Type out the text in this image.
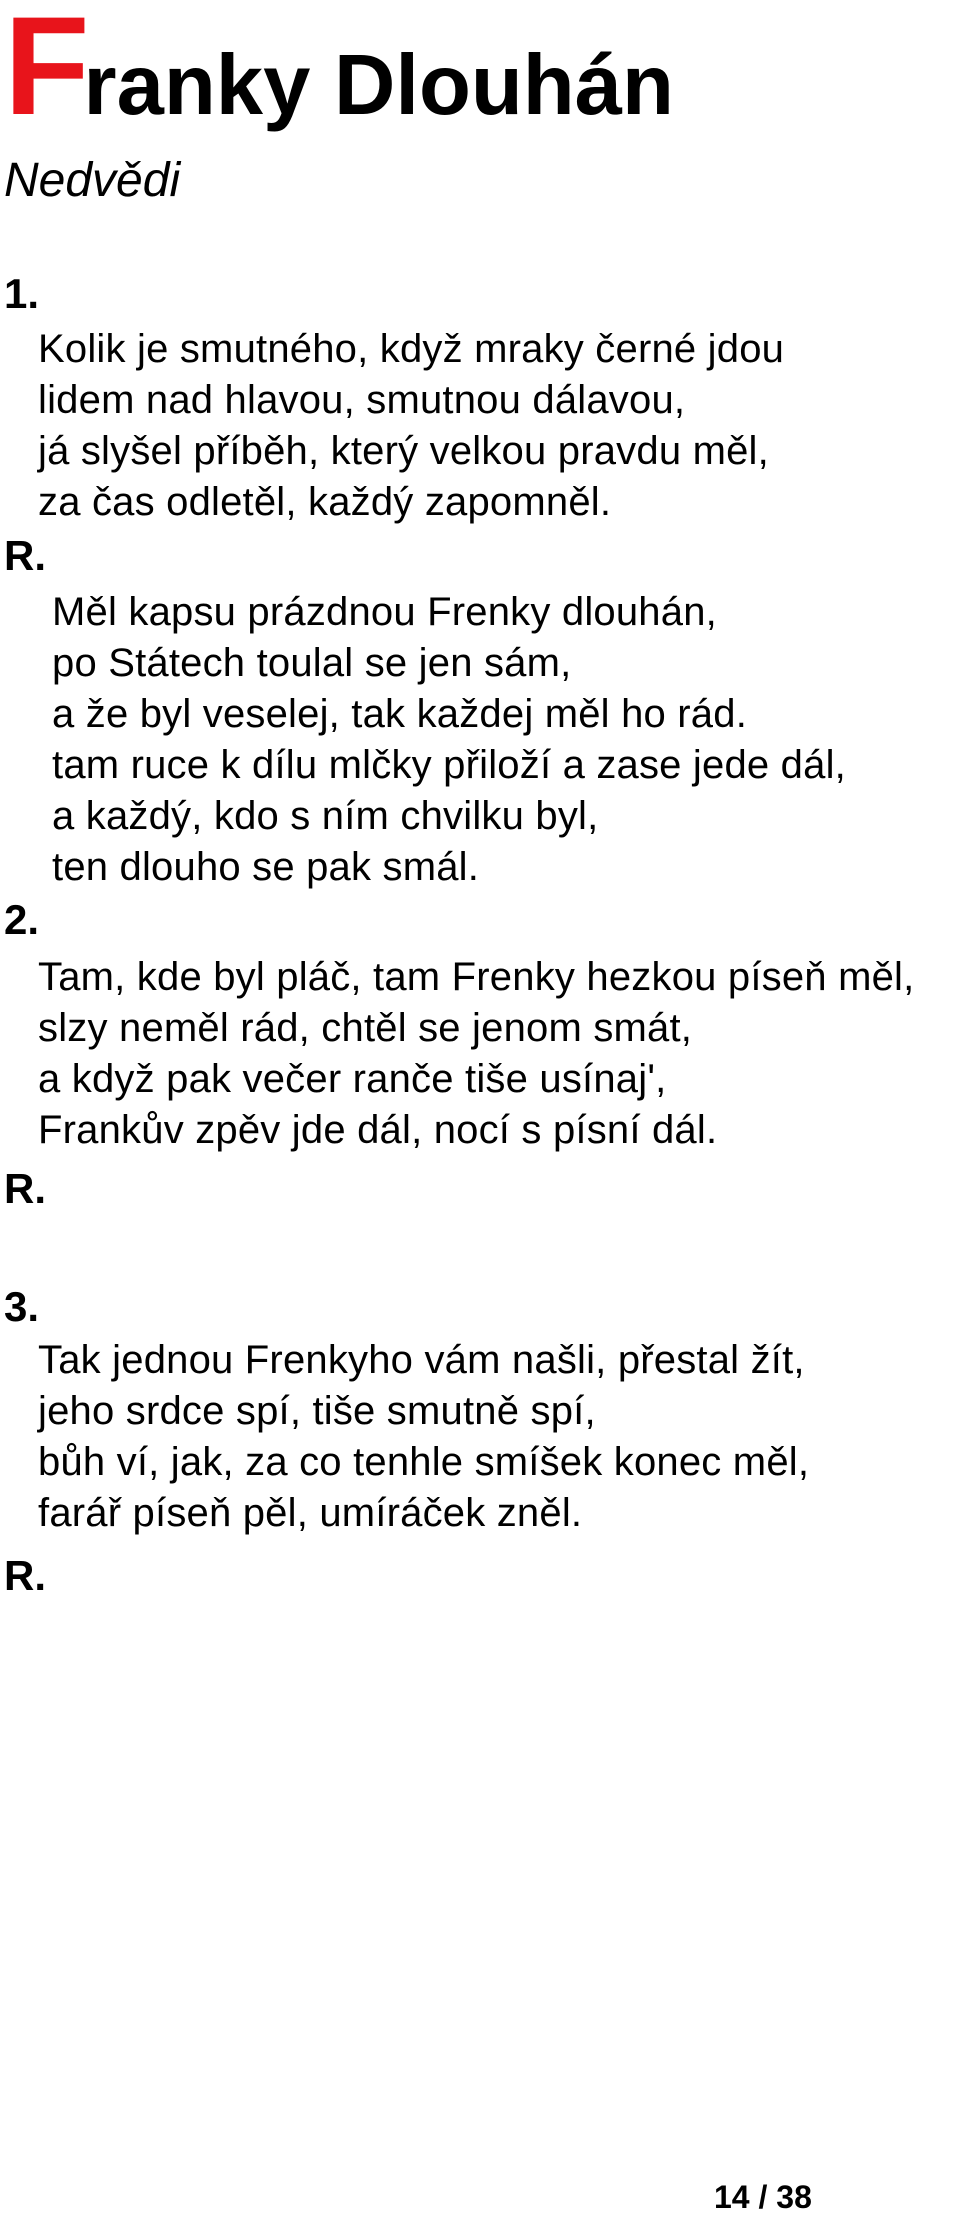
Franky Dlouhán
Nedvědi
1.
Kolik je smutného, když mraky černé jdou
lidem nad hlavou, smutnou dálavou,
já slyšel příběh, který velkou pravdu měl,
za čas odletěl, každý zapomněl.
R.
Měl kapsu prázdnou Frenky dlouhán,
po Státech toulal se jen sám,
a že byl veselej, tak každej měl ho rád.
tam ruce k dílu mlčky přiloží a zase jede dál,
a každý, kdo s ním chvilku byl,
ten dlouho se pak smál.
2.
Tam, kde byl pláč, tam Frenky hezkou píseň měl,
slzy neměl rád, chtěl se jenom smát,
a když pak večer ranče tiše usínaj',
Frankův zpěv jde dál, nocí s písní dál.
R.
3.
Tak jednou Frenkyho vám našli, přestal žít,
jeho srdce spí, tiše smutně spí,
bůh ví, jak, za co tenhle smíšek konec měl,
farář píseň pěl, umíráček zněl.
R.
14 / 38
